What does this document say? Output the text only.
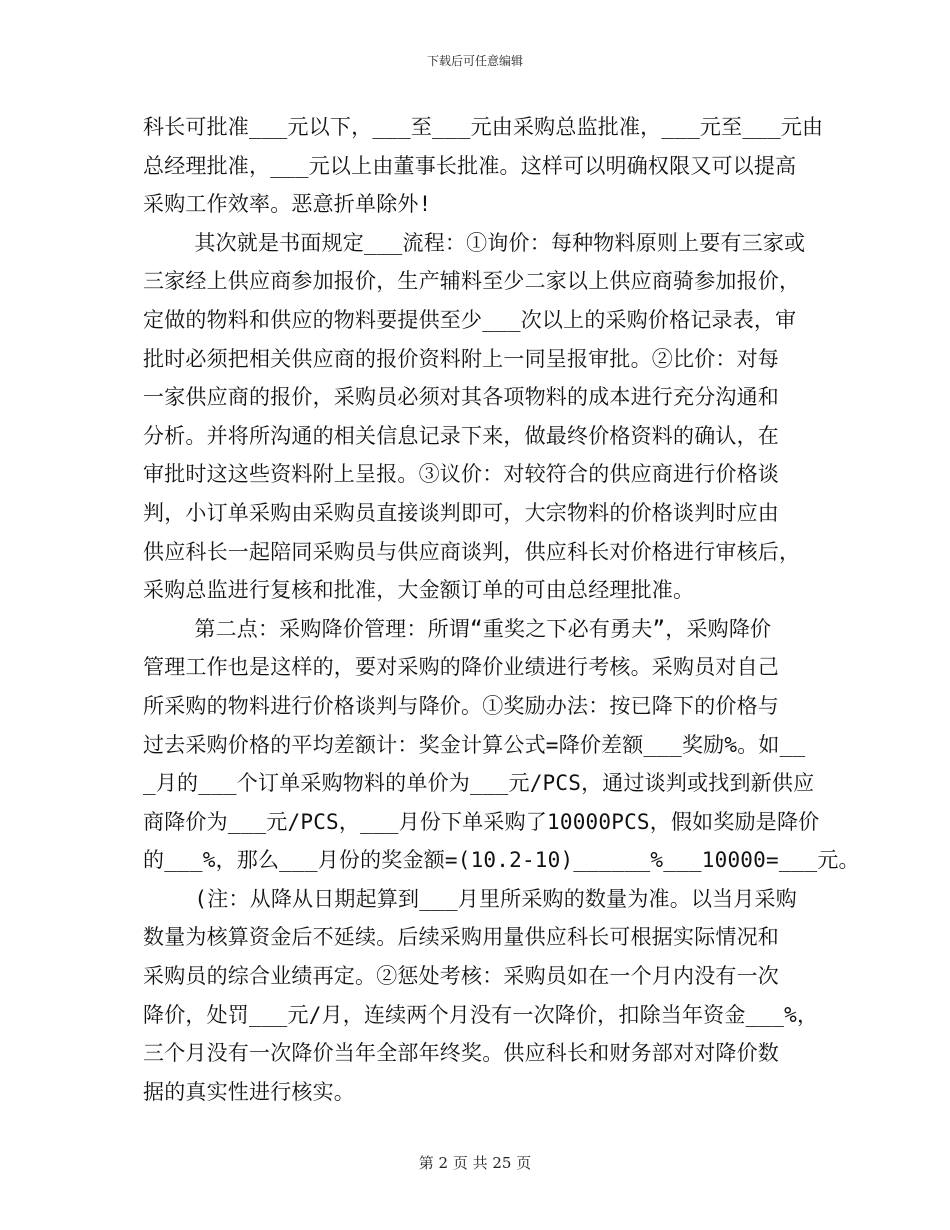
下载后可任意编辑
科长可批准___元以下，___至___元由采购总监批准，___元至___元由
总经理批准，___元以上由董事长批准。这样可以明确权限又可以提高
采购工作效率。恶意折单除外!
其次就是书面规定___流程：①询价：每种物料原则上要有三家或
三家经上供应商参加报价，生产辅料至少二家以上供应商骑参加报价，
定做的物料和供应的物料要提供至少___次以上的采购价格记录表，审
批时必须把相关供应商的报价资料附上一同呈报审批。②比价：对每
一家供应商的报价，采购员必须对其各项物料的成本进行充分沟通和
分析。并将所沟通的相关信息记录下来，做最终价格资料的确认，在
审批时这这些资料附上呈报。③议价：对较符合的供应商进行价格谈
判，小订单采购由采购员直接谈判即可，大宗物料的价格谈判时应由
供应科长一起陪同采购员与供应商谈判，供应科长对价格进行审核后，
采购总监进行复核和批准，大金额订单的可由总经理批准。
第二点：采购降价管理：所谓“重奖之下必有勇夫”，采购降价
管理工作也是这样的，要对采购的降价业绩进行考核。采购员对自己
所采购的物料进行价格谈判与降价。①奖励办法：按已降下的价格与
过去采购价格的平均差额计：奖金计算公式=降价差额___奖励%。如__
_月的___个订单采购物料的单价为___元/PCS，通过谈判或找到新供应
商降价为___元/PCS，___月份下单采购了10000PCS，假如奖励是降价
的___%，那么___月份的奖金额=(10.2-10)______%___10000=___元。
(注：从降从日期起算到___月里所采购的数量为准。以当月采购
数量为核算资金后不延续。后续采购用量供应科长可根据实际情况和
采购员的综合业绩再定。②惩处考核：采购员如在一个月内没有一次
降价，处罚___元/月，连续两个月没有一次降价，扣除当年资金___%，
三个月没有一次降价当年全部年终奖。供应科长和财务部对对降价数
据的真实性进行核实。
第 2 页 共 25 页
